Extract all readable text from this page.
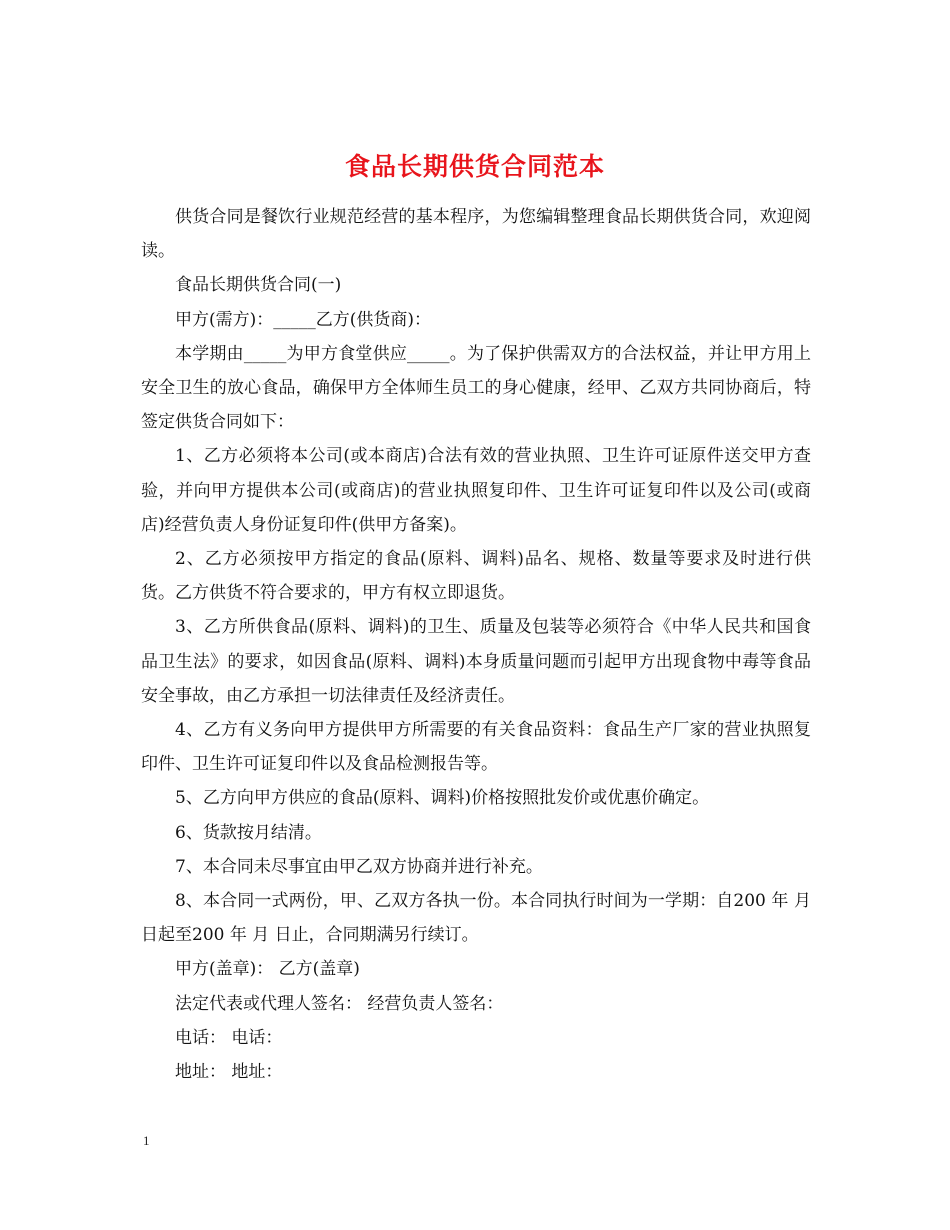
食品长期供货合同范本

供货合同是餐饮行业规范经营的基本程序，为您编辑整理食品长期供货合同，欢迎阅读。

食品长期供货合同(一)

甲方(需方)：_____乙方(供货商)：

本学期由_____为甲方食堂供应_____。为了保护供需双方的合法权益，并让甲方用上安全卫生的放心食品，确保甲方全体师生员工的身心健康，经甲、乙双方共同协商后，特签定供货合同如下：

1、乙方必须将本公司(或本商店)合法有效的营业执照、卫生许可证原件送交甲方查验，并向甲方提供本公司(或商店)的营业执照复印件、卫生许可证复印件以及公司(或商店)经营负责人身份证复印件(供甲方备案)。

2、乙方必须按甲方指定的食品(原料、调料)品名、规格、数量等要求及时进行供货。乙方供货不符合要求的，甲方有权立即退货。

3、乙方所供食品(原料、调料)的卫生、质量及包装等必须符合《中华人民共和国食品卫生法》的要求，如因食品(原料、调料)本身质量问题而引起甲方出现食物中毒等食品安全事故，由乙方承担一切法律责任及经济责任。

4、乙方有义务向甲方提供甲方所需要的有关食品资料：食品生产厂家的营业执照复印件、卫生许可证复印件以及食品检测报告等。

5、乙方向甲方供应的食品(原料、调料)价格按照批发价或优惠价确定。

6、货款按月结清。

7、本合同未尽事宜由甲乙双方协商并进行补充。

8、本合同一式两份，甲、乙双方各执一份。本合同执行时间为一学期：自200 年 月 日起至200 年 月 日止，合同期满另行续订。

甲方(盖章)： 乙方(盖章)

法定代表或代理人签名： 经营负责人签名：

电话： 电话：

地址： 地址：

1
